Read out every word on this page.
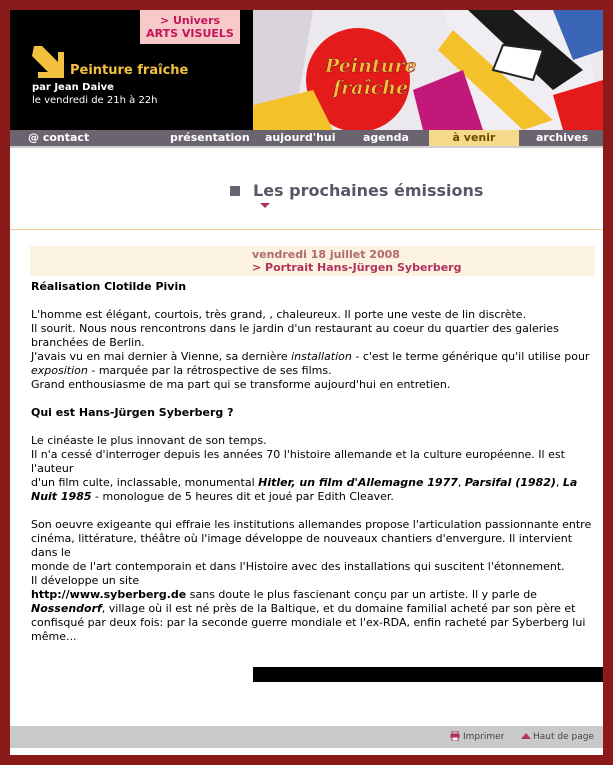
> Univers
ARTS VISUELS
Peinture fraîche
par Jean Daive
le vendredi de 21h à 22h
Peinture
fraîche
@ contact	présentation aujourd'hui agenda	à venir	archives
Les prochaines émissions
vendredi 18 juillet 2008
> Portrait Hans-Jürgen Syberberg
Réalisation Clotilde Pivin

L'homme est élégant, courtois, très grand, , chaleureux. Il porte une veste de lin discrète.
Il sourit. Nous nous rencontrons dans le jardin d'un restaurant au coeur du quartier des galeries
branchées de Berlin.
J'avais vu en mai dernier à Vienne, sa dernière installation - c'est le terme générique qu'il utilise pour
exposition - marquée par la rétrospective de ses films.
Grand enthousiasme de ma part qui se transforme aujourd'hui en entretien.

Qui est Hans-Jürgen Syberberg ?

Le cinéaste le plus innovant de son temps.
Il n'a cessé d'interroger depuis les années 70 l'histoire allemande et la culture européenne. Il est l'auteur
d'un film culte, inclassable, monumental Hitler, un film d'Allemagne 1977, Parsifal (1982), La
Nuit 1985 - monologue de 5 heures dit et joué par Edith Cleaver.

Son oeuvre exigeante qui effraie les institutions allemandes propose l'articulation passionnante entre
cinéma, littérature, théâtre où l'image développe de nouveaux chantiers d'envergure. Il intervient dans le
monde de l'art contemporain et dans l'Histoire avec des installations qui suscitent l'étonnement.
Il développe un site
http://www.syberberg.de sans doute le plus fascienant conçu par un artiste. Il y parle de
Nossendorf, village où il est né près de la Baltique, et du domaine familial acheté par son père et
confisqué par deux fois: par la seconde guerre mondiale et l'ex-RDA, enfin racheté par Syberberg lui
même...

Imprimer	Haut de page
